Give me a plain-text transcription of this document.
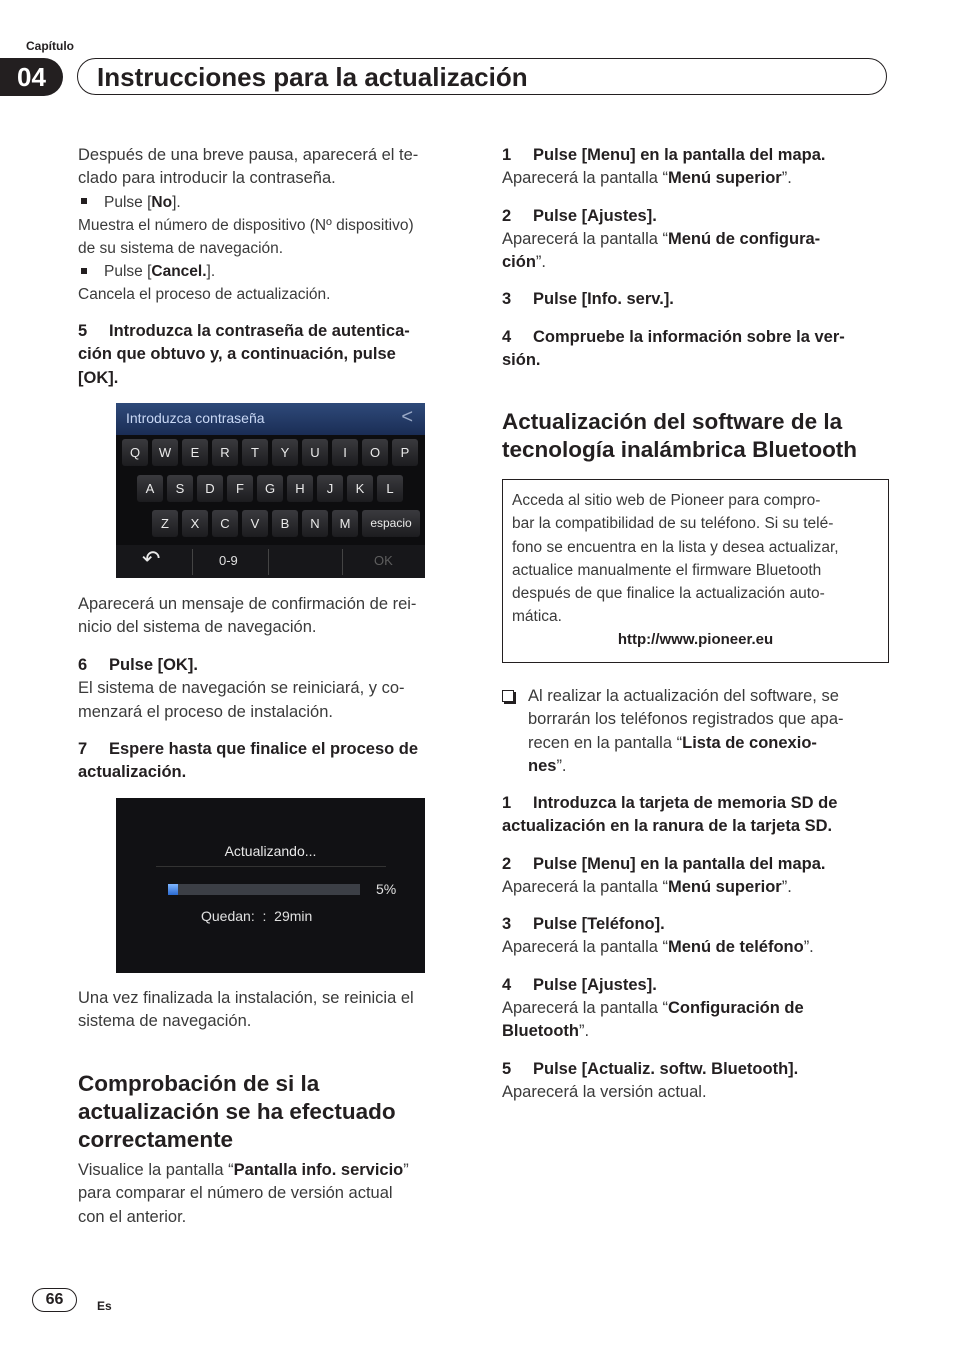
Capítulo
04	Instrucciones para la actualización

Después de una breve pausa, aparecerá el te-

clado para introducir la contraseña.

Pulse [No].

Muestra el número de dispositivo (Nº dispositivo)

de su sistema de navegación.

Pulse [Cancel.].

Cancela el proceso de actualización.

5 Introduzca la contraseña de autentica-

ción que obtuvo y, a continuación, pulse

[OK].

Introduzca contraseña	<
Q	W	E	R	T	Y	U	I	O	P
A	S	D	F	G	H	J	K	L
Z	X	C	V	B	N	M	espacio
↶	0-9	OK

Aparecerá un mensaje de confirmación de rei-

nicio del sistema de navegación.

6 Pulse [OK].

El sistema de navegación se reiniciará, y co-

menzará el proceso de instalación.

7 Espere hasta que finalice el proceso de

actualización.

Actualizando...
5%
Quedan: : 29min

Una vez finalizada la instalación, se reinicia el

sistema de navegación.

Comprobación de si la
actualización se ha efectuado
correctamente

Visualice la pantalla “Pantalla info. servicio”

para comparar el número de versión actual

con el anterior.

1 Pulse [Menu] en la pantalla del mapa.

Aparecerá la pantalla “Menú superior”.

2 Pulse [Ajustes].

Aparecerá la pantalla “Menú de configura-

ción”.

3 Pulse [Info. serv.].

4 Compruebe la información sobre la ver-

sión.

Actualización del software de la
tecnología inalámbrica Bluetooth

Acceda al sitio web de Pioneer para compro-

bar la compatibilidad de su teléfono. Si su telé-

fono se encuentra en la lista y desea actualizar,

actualice manualmente el firmware Bluetooth

después de que finalice la actualización auto-

mática.

http://www.pioneer.eu

Al realizar la actualización del software, se

borrarán los teléfonos registrados que apa-

recen en la pantalla “Lista de conexio-

nes”.

1 Introduzca la tarjeta de memoria SD de

actualización en la ranura de la tarjeta SD.

2 Pulse [Menu] en la pantalla del mapa.

Aparecerá la pantalla “Menú superior”.

3 Pulse [Teléfono].

Aparecerá la pantalla “Menú de teléfono”.

4 Pulse [Ajustes].

Aparecerá la pantalla “Configuración de

Bluetooth”.

5 Pulse [Actualiz. softw. Bluetooth].

Aparecerá la versión actual.

66	Es
